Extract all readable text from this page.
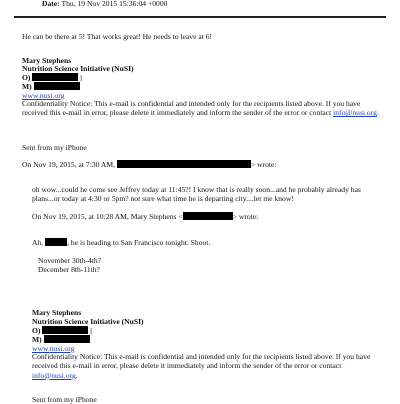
Date: Thu, 19 Nov 2015 15:36:04 +0000
He can be there at 5! That works great! He needs to leave at 6!
Mary Stephens
Nutrition Science Initiative (NuSI)
O)	|
M)
www.nusi.org
Confidentiality Notice: This e-mail is confidential and intended only for the recipients listed above. If you have received this e-mail in error, please delete it immediately and inform the sender of the error or contact info@nusi.org.
Sent from my iPhone
On Nov 19, 2015, at 7:30 AM,	> wrote:
oh wow...could he come see Jeffrey today at 11:45?! I know that is really soon...and he probably already has plans...or today at 4:30 or 5pm? not sure what time he is departing city....let me know!
On Nov 19, 2015, at 10:28 AM, Mary Stephens <	> wrote:
Ah,	, he is heading to San Francisco tonight. Shoot.
November 30th-4th?
December 8th-11th?
Mary Stephens
Nutrition Science Initiative (NuSI)
O)	|
M)
www.nusi.org
Confidentiality Notice: This e-mail is confidential and intended only for the recipients listed above. If you have received this e-mail in error, please delete it immediately and inform the sender of the error or contact info@nusi.org.
Sent from my iPhone
